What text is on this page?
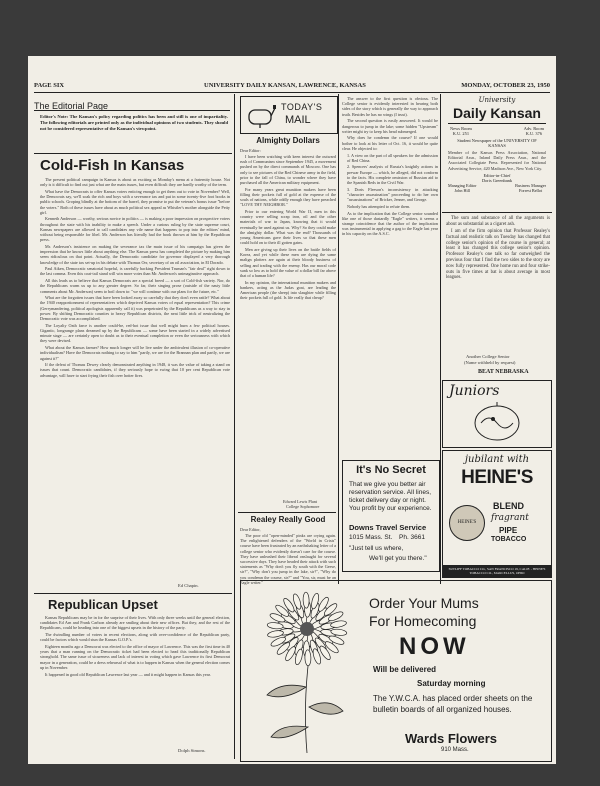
PAGE SIX	UNIVERSITY DAILY KANSAN, LAWRENCE, KANSAS	MONDAY, OCTOBER 23, 1950
The Editorial Page
Editor's Note: The Kansan's policy regarding politics has been and still is one of impartiality. The following editorials are printed only as the individual opinions of two students. They should not be considered representative of the Kansan's viewpoint.
Cold-Fish In Kansas

The present political campaign in Kansas is about as exciting as Monday's menu at a fraternity house. Not only is it difficult to find out just what are the main issues, but even difficult they are hardly worthy of the term.

What have the Democrats to offer Kansas voters enticing enough to get them out to vote in November? Well, the Democrats say, we'll soak the rich and boys with a severance tax and put in some twenty-five foot books in public schools. Groping blindly at the bottom of the barrel, they promise to put the veteran's bonus issue "before the voters." Both of these issues have about as much political sex appeal as Whistler's mother alongside the Petty girl.

Kenneth Anderson — worthy, serious novice in politics — is making a poor impression on prospective voters throughout the state with his inability to make a speech. Under a curious ruling by the state supreme court, Kansas newspapers are allowed to call candidates any vile name that happens to pop into the editors' mind, without being responsible for libel. Mr. Anderson has literally had the book thrown at him by the Republican press.

Mr. Anderson's insistence on making the severance tax the main issue of his campaign has given the impression that he knows little about anything else. The Kansas press has completed the picture by making him seem ridiculous on that point. Actually, the Democratic candidate for governor displayed a very thorough knowledge of the state tax set-up in his debate with Thomas Orr, secretary of an oil association, in El Dorado.

Paul Aiken, Democratic senatorial hopeful, is carefully backing President Truman's "fair deal" right down to the last comma. Even this coat-tail stand will win more votes than Mr. Anderson's unimaginative approach.

All this leads us to believe that Kansas Democrats are a special breed — a sort of Cold-fish variety. Nor, do the Republicans warm us up to any greater degree. So far, their singing prose (outside of the nasty little comments about Mr. Anderson) seem to boil down to: "we will continue with our plans for the future, etc."

What are the forgotten issues that have been looked away so carefully that they don't even rattle? What about the 1940 reapportionment of representatives which deprived Kansas voters of equal representation? This crime (Gerrymandering, political apologists apparently call it) was perpetrated by the Republicans as a way to stay in power. By shifting Democratic counties to heavy Republican districts, the neat little trick of neutralizing the Democratic vote was accomplished.

The Loyalty Oath farce is another could-be, red-hot issue that well might burn a few political houses. Gigantic, longrange plans dreamed up by the Republicans — some have been started in a widely advertised minute stage — are certainly open to doubt as to their eventual completion or even the seriousness with which they were devised.

What about the Kansas farmer? How much longer will he live under the ambivalent illusion of co-operative individualism? Have the Democrats nothing to say to him "partly, we are for the Brannan plan and partly, we are against it?"

If the defeat of Thomas Dewey clearly demonstrated anything in 1948, it was the value of taking a stand on issues that count. Democratic candidates, if they seriously hope to swing that 10 per cent Republican vote advantage, will have to start frying their fish over hotter fires.

Ed Chapin.
Republican Upset

Kansas Republicans may be in for the surprise of their lives. With only three weeks until the general election, candidates Ed Arn and Frank Carlson already are smiling about their new offices. But they, and the rest of the Republicans, could be heading into one of the biggest upsets in the history of the party.

The dwindling number of voters in recent elections, along with over-confidence of the Republican party, could be factors which would stun the Kansas G.O.P.'s.

Eighteen months ago a Democrat was elected to the office of mayor of Lawrence. This was the first time in 40 years that a man running on the Democratic ticket had been elected to head this traditionally Republican stronghold. The same issue of sicureness and lack of interest in voting which gave Lawrence its first Democrat mayor in a generation, could be a dress rehearsal of what is to happen in Kansas when the general election comes up in November.

It happened in good old Republican Lawrence last year — and it might happen in Kansas this year.

Dolph Simons.
TODAY'S
MAIL
Almighty Dollars
Dear Editor:

I have been watching with keen interest the outward rush of Communism since September 1945, a movement pushed on by the direct commands of Moscow. One has only to see pictures of the Red Chinese army in the field, prior to the fall of China, to wonder where they have purchased all the American military equipment.

For many years great munition makers have been filling their pockets full of gold at the expense of the souls of nations, while oddly enough they have preached "LOVE THY NEIGHBOR."

Prior to our entering World War II, men in this country were selling scrap iron, oil and the other materials of war to Japan, knowing that it would eventually be used against us. Why? So they could make the almighty dollar. What was the end? Thousands of young Americans gave their lives so that these men could hold on to their ill gotten gains.

Men are giving up their lives on the battle fields of Korea, and yet while these men are dying the same malign plotters are again at their bloody business of selling and trading with the enemy. Has our moral code sunk so low as to hold the value of a dollar bill far above that of a human life?

In my opinion, the international munition makers and bankers, acting as the Judas goat, are leading the American people (the sheep) into slaughter while filling their pockets full of gold. Is life really that cheap?

Edward Lewis Plant
College Sophomore
Realey Really Good
Dear Editor,

The poor old "open-minded" pinks are crying again. The enlightened defenders of the "World in Crisis" course have been frustrated by an earthshaking letter of a college senior who evidently doesn't care for the course. They have unleashed their liberal onslaught for several successive days. They have headed their attack with such statements as "Why don't you fly south with the Geese, sir?", "Why don't you jump in the lake, sir?", "Why do you condemn the course, sir?" and "You, sir, must be an Eagle writer."

The answer to the first question is obvious. The College senior is evidently interested in hearing both sides of the story which is generally the way to approach truth. Besides he has no wings (I trust).

The second question is easily answered. It would be dangerous to jump in the lake; some hidden "Upstream" writer might try to keep his head submerged.

Why does he condemn the course? If one would bother to look at his letter of Oct. 16, it would be quite clear. He objected to:

1. A view on the part of all speakers for the admission of Red China.

2. Spencers' analysis of Russia's knightly actions in prewar Europe — which, he alleged, did not conform to the facts. His complete omission of Russian aid to the Spanish Reds in the Civil War.

3. Doris Fleeson's inconsistency in attacking "character assassination" proceeding to do her own "assassinations" of Bricker, Jenner, and George.

Nobody has attempted to refute them.

As to the implication that the College senior sounded like one of those dastardly "Eagle" writers, it seems a strange coincidence that the author of the implication was instrumental in applying a gag to the Eagle last year in his capacity on the A.S.C.

University
Daily Kansan
News Room
K.U. 251
Adv. Room
K.U. 376
Student Newspaper of the UNIVERSITY OF KANSAS
Member of the Kansas Press Association, National Editorial Assn., Inland Daily Press Assn., and the Associated Collegiate Press. Represented for National Advertising Service, 420 Madison Ave., New York City.
Editor-in-Chief
Doris Greenbank
Managing Editor
John Hill
Business Manager
Forrest Bellot

The sum and substance of all the arguments is about as substantial as a cigaret ash.

I am of the firm opinion that Professor Realey's factual and realistic talk on Tuesday has changed that college senior's opinion of the course in general; at least it has changed this college senior's opinion. Professor Realey's one talk so far outweighed the previous four that I find the two sides to the story are now fully represented. One home run and four strike-outs in five times at bat is about average in most leagues.

Another College Senior
(Name withheld by request)
BEAT NEBRASKA
Juniors
jubilant with
HEINE'S
HEINE'S
BLEND
fragrant
PIPE
TOBACCO
SUTLIFF TOBACCO CO., SAN FRANCISCO 19, CALIF. - HEINE'S TOBACCO CO., MARCELLUS, OHIO
It's No Secret
That we give you better air reservation service. All lines, ticket delivery day or night. You profit by our experience.
Downs Travel Service
1015 Mass. St. Ph. 3661
"Just tell us where,
We'll get you there."
Order Your Mums
For Homecoming
NOW
Will be delivered
Saturday morning
The Y.W.C.A. has placed order sheets on the bulletin boards of all organized houses.
Wards Flowers
910 Mass.
